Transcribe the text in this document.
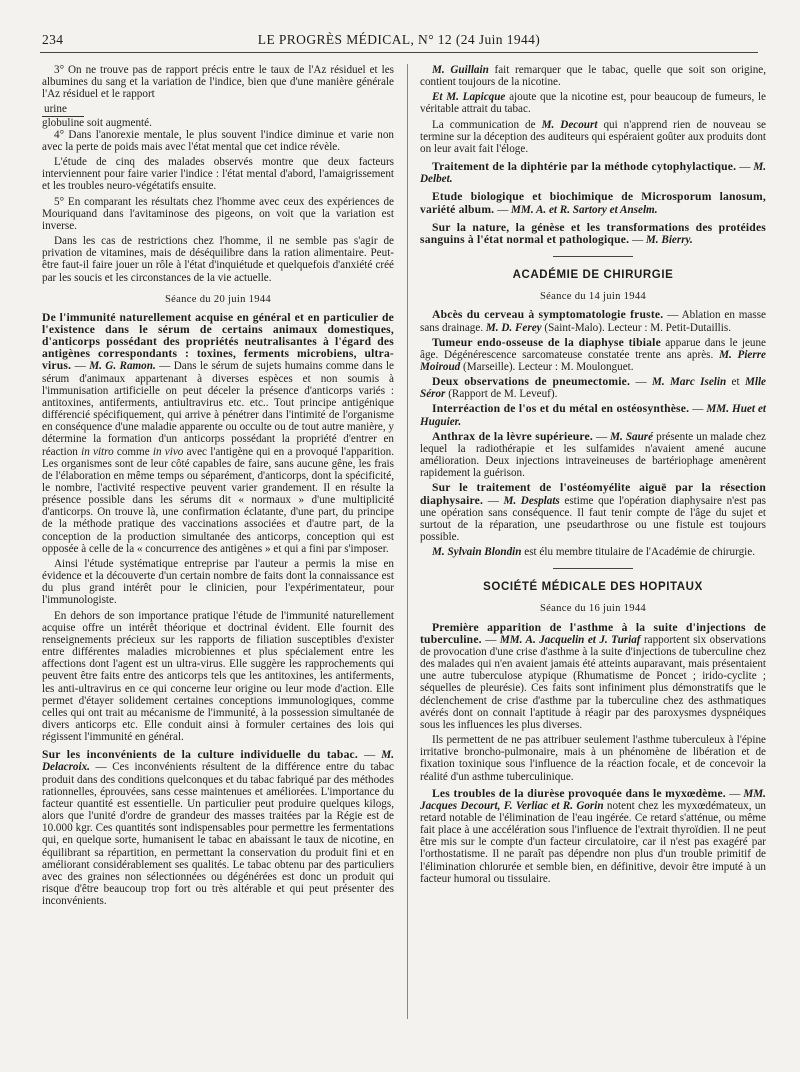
234	LE PROGRÈS MÉDICAL, N° 12 (24 Juin 1944)

3° On ne trouve pas de rapport précis entre le taux de l'Az résiduel et les albumines du sang et la variation de l'indice, bien que d'une manière générale l'Az résiduel et le rapport

urine
globuline soit augmenté.

4° Dans l'anorexie mentale, le plus souvent l'indice diminue et varie non avec la perte de poids mais avec l'état mental que cet indice révèle.

L'étude de cinq des malades observés montre que deux facteurs interviennent pour faire varier l'indice : l'état mental d'abord, l'amaigrissement et les troubles neuro-végétatifs ensuite.

5° En comparant les résultats chez l'homme avec ceux des expériences de Mouriquand dans l'avitaminose des pigeons, on voit que la variation est inverse.

Dans les cas de restrictions chez l'homme, il ne semble pas s'agir de privation de vitamines, mais de déséquilibre dans la ration alimentaire. Peut-être faut-il faire jouer un rôle à l'état d'inquiétude et quelquefois d'anxiété créé par les soucis et les circonstances de la vie actuelle.

Séance du 20 juin 1944

De l'immunité naturellement acquise en général et en particulier de l'existence dans le sérum de certains animaux domestiques, d'anticorps possédant des propriétés neutralisantes à l'égard des antigènes correspondants : toxines, ferments microbiens, ultra-virus. — M. G. Ramon. — Dans le sérum de sujets humains comme dans le sérum d'animaux appartenant à diverses espèces et non soumis à l'immunisation artificielle on peut déceler la présence d'anticorps variés : antitoxines, antiferments, antiultravirus etc. etc.. Tout principe antigénique différencié spécifiquement, qui arrive à pénétrer dans l'intimité de l'organisme en conséquence d'une maladie apparente ou occulte ou de tout autre manière, y détermine la formation d'un anticorps possédant la propriété d'entrer en réaction in vitro comme in vivo avec l'antigène qui en a provoqué l'apparition. Les organismes sont de leur côté capables de faire, sans aucune gêne, les frais de l'élaboration en même temps ou séparément, d'anticorps, dont la spécificité, le nombre, l'activité respective peuvent varier grandement. Il en résulte la présence possible dans les sérums dit « normaux » d'une multiplicité d'anticorps. On trouve là, une confirmation éclatante, d'une part, du principe de la méthode pratique des vaccinations associées et d'autre part, de la conception de la production simultanée des anticorps, conception qui est opposée à celle de la « concurrence des antigènes » et qui a fini par s'imposer.

Ainsi l'étude systématique entreprise par l'auteur a permis la mise en évidence et la découverte d'un certain nombre de faits dont la connaissance est du plus grand intérêt pour le clinicien, pour l'expérimentateur, pour l'immunologiste.

En dehors de son importance pratique l'étude de l'immunité naturellement acquise offre un intérêt théorique et doctrinal évident. Elle fournit des renseignements précieux sur les rapports de filiation susceptibles d'exister entre différentes maladies microbiennes et plus spécialement entre les affections dont l'agent est un ultra-virus. Elle suggère les rapprochements qui peuvent être faits entre des anticorps tels que les antitoxines, les antiferments, les anti-ultravirus en ce qui concerne leur origine ou leur mode d'action. Elle permet d'étayer solidement certaines conceptions immunologiques, comme celles qui ont trait au mécanisme de l'immunité, à la possession simultanée de divers anticorps etc. Elle conduit ainsi à formuler certaines des lois qui régissent l'immunité en général.

Sur les inconvénients de la culture individuelle du tabac. — M. Delacroix. — Ces inconvénients résultent de la différence entre du tabac produit dans des conditions quelconques et du tabac fabriqué par des méthodes rationnelles, éprouvées, sans cesse maintenues et améliorées. L'importance du facteur quantité est essentielle. Un particulier peut produire quelques kilogs, alors que l'unité d'ordre de grandeur des masses traitées par la Régie est de 10.000 kgr. Ces quantités sont indispensables pour permettre les fermentations qui, en quelque sorte, humanisent le tabac en abaissant le taux de nicotine, en équilibrant sa répartition, en permettant la conservation du produit fini et en améliorant considérablement ses qualités. Le tabac obtenu par des particuliers avec des graines non sélectionnées ou dégénérées est donc un produit qui risque d'être beaucoup trop fort ou très altérable et qui peut présenter des inconvénients.

M. Guillain fait remarquer que le tabac, quelle que soit son origine, contient toujours de la nicotine.

Et M. Lapicque ajoute que la nicotine est, pour beaucoup de fumeurs, le véritable attrait du tabac.

La communication de M. Decourt qui n'apprend rien de nouveau se termine sur la déception des auditeurs qui espéraient goûter aux produits dont on leur avait fait l'éloge.

Traitement de la diphtérie par la méthode cytophylactique. — M. Delbet.

Etude biologique et biochimique de Microsporum lanosum, variété album. — MM. A. et R. Sartory et Anselm.

Sur la nature, la génèse et les transformations des protéides sanguins à l'état normal et pathologique. — M. Bierry.

ACADÉMIE DE CHIRURGIE
Séance du 14 juin 1944

Abcès du cerveau à symptomatologie fruste. — Ablation en masse sans drainage. M. D. Ferey (Saint-Malo). Lecteur : M. Petit-Dutaillis.

Tumeur endo-osseuse de la diaphyse tibiale apparue dans le jeune âge. Dégénérescence sarcomateuse constatée trente ans après. M. Pierre Moiroud (Marseille). Lecteur : M. Moulonguet.

Deux observations de pneumectomie. — M. Marc Iselin et Mlle Séror (Rapport de M. Leveuf).

Interréaction de l'os et du métal en ostéosynthèse. — MM. Huet et Huguier.

Anthrax de la lèvre supérieure. — M. Sauré présente un malade chez lequel la radiothérapie et les sulfamides n'avaient amené aucune amélioration. Deux injections intraveineuses de bartériophage amenèrent rapidement la guérison.

Sur le traitement de l'ostéomyélite aiguë par la résection diaphysaire. — M. Desplats estime que l'opération diaphysaire n'est pas une opération sans conséquence. Il faut tenir compte de l'âge du sujet et surtout de la réparation, une pseudarthrose ou une fistule est toujours possible.

M. Sylvain Blondin est élu membre titulaire de l'Académie de chirurgie.

SOCIÉTÉ MÉDICALE DES HOPITAUX
Séance du 16 juin 1944

Première apparition de l'asthme à la suite d'injections de tuberculine. — MM. A. Jacquelin et J. Turiaf rapportent six observations de provocation d'une crise d'asthme à la suite d'injections de tuberculine chez des malades qui n'en avaient jamais été atteints auparavant, mais présentaient une autre tuberculose atypique (Rhumatisme de Poncet ; irido-cyclite ; séquelles de pleurésie). Ces faits sont infiniment plus démonstratifs que le déclenchement de crise d'asthme par la tuberculine chez des asthmatiques avérés dont on connait l'aptitude à réagir par des paroxysmes dyspnéiques sous les influences les plus diverses.

Ils permettent de ne pas attribuer seulement l'asthme tuberculeux à l'épine irritative broncho-pulmonaire, mais à un phénomène de libération et de fixation toxinique sous l'influence de la réaction focale, et de concevoir la réalité d'un asthme tuberculinique.

Les troubles de la diurèse provoquée dans le myxœdème. — MM. Jacques Decourt, F. Verliac et R. Gorin notent chez les myxœdémateux, un retard notable de l'élimination de l'eau ingérée. Ce retard s'atténue, ou même fait place à une accélération sous l'influence de l'extrait thyroïdien. Il ne peut être mis sur le compte d'un facteur circulatoire, car il n'est pas exagéré par l'orthostatisme. Il ne paraît pas dépendre non plus d'un trouble primitif de l'élimination chlorurée et semble bien, en définitive, devoir être imputé à un facteur humoral ou tissulaire.
